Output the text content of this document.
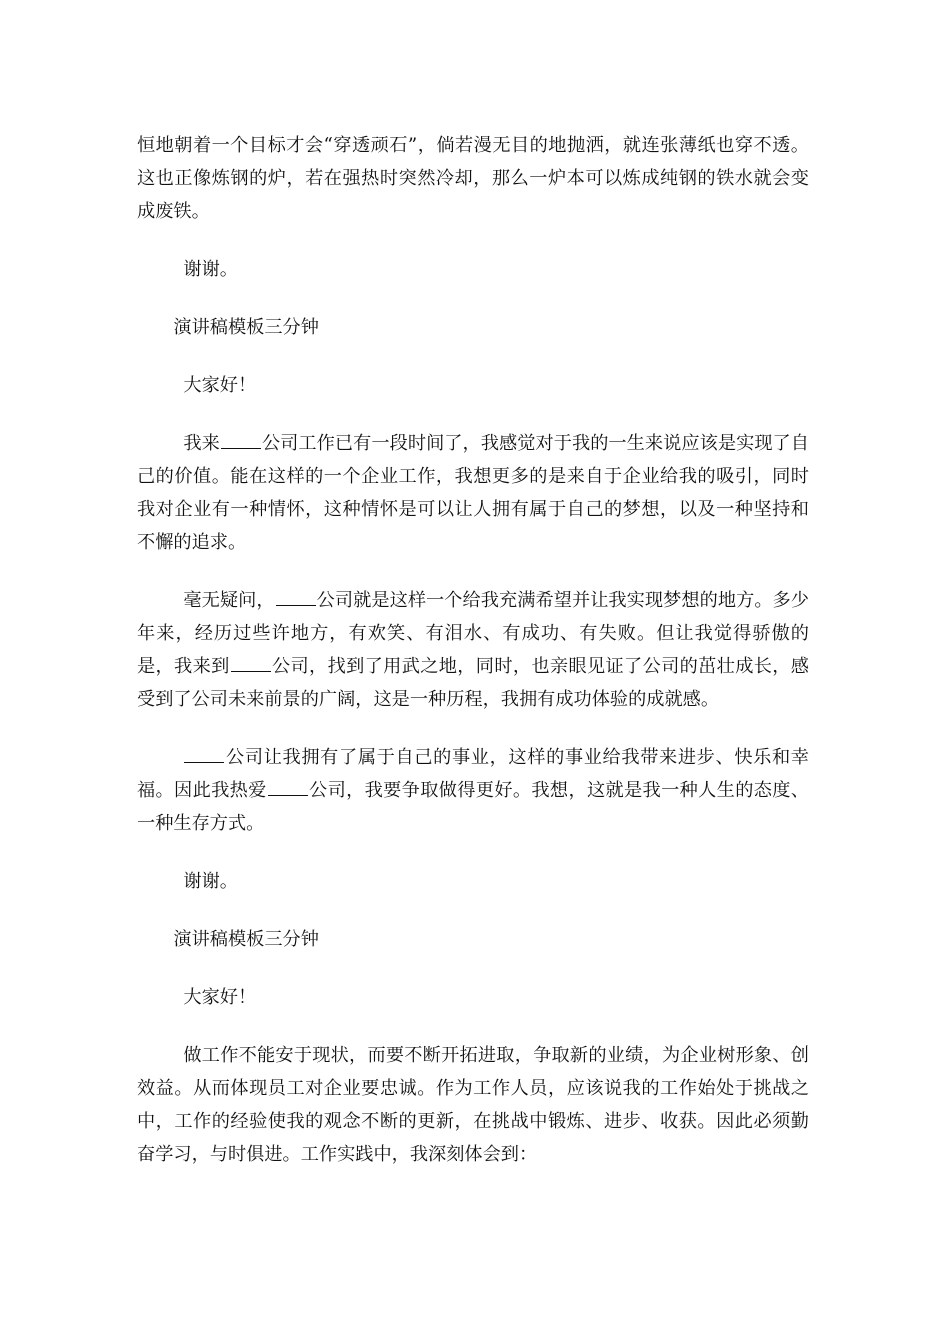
恒地朝着一个目标才会“穿透顽石”，倘若漫无目的地抛洒，就连张薄纸也穿不透。这也正像炼钢的炉，若在强热时突然冷却，那么一炉本可以炼成纯钢的铁水就会变成废铁。

谢谢。

演讲稿模板三分钟

大家好！

我来 公司工作已有一段时间了，我感觉对于我的一生来说应该是实现了自己的价值。能在这样的一个企业工作，我想更多的是来自于企业给我的吸引，同时我对企业有一种情怀，这种情怀是可以让人拥有属于自己的梦想，以及一种坚持和不懈的追求。

毫无疑问， 公司就是这样一个给我充满希望并让我实现梦想的地方。多少年来，经历过些许地方，有欢笑、有泪水、有成功、有失败。但让我觉得骄傲的是，我来到 公司，找到了用武之地，同时，也亲眼见证了公司的茁壮成长，感受到了公司未来前景的广阔，这是一种历程，我拥有成功体验的成就感。

公司让我拥有了属于自己的事业，这样的事业给我带来进步、快乐和幸福。因此我热爱 公司，我要争取做得更好。我想，这就是我一种人生的态度、一种生存方式。

谢谢。

演讲稿模板三分钟

大家好！

做工作不能安于现状，而要不断开拓进取，争取新的业绩，为企业树形象、创效益。从而体现员工对企业要忠诚。作为工作人员，应该说我的工作始处于挑战之中，工作的经验使我的观念不断的更新，在挑战中锻炼、进步、收获。因此必须勤奋学习，与时俱进。工作实践中，我深刻体会到：
